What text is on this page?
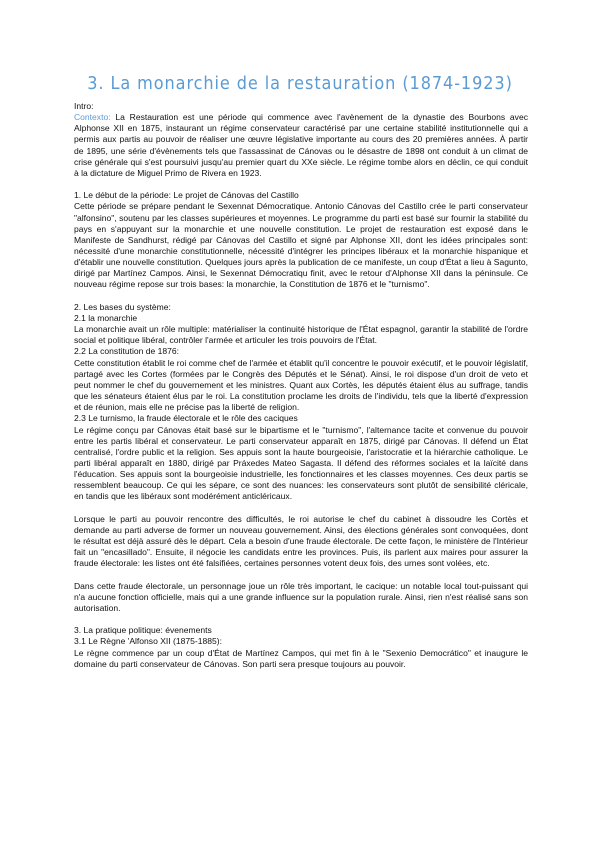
3. La monarchie de la restauration (1874-1923)

Intro:

Contexto: La Restauration est une période qui commence avec l'avènement de la dynastie des Bourbons avec Alphonse XII en 1875, instaurant un régime conservateur caractérisé par une certaine stabilité institutionnelle qui a permis aux partis au pouvoir de réaliser une œuvre législative importante au cours des 20 premières années. À partir de 1895, une série d'évènements tels que l'assassinat de Cánovas ou le désastre de 1898 ont conduit à un climat de crise générale qui s'est poursuivi jusqu'au premier quart du XXe siècle. Le régime tombe alors en déclin, ce qui conduit à la dictature de Miguel Primo de Rivera en 1923.

1. Le début de la période: Le projet de Cánovas del Castillo

Cette période se prépare pendant le Sexennat Démocratique. Antonio Cánovas del Castillo crée le parti conservateur "alfonsino", soutenu par les classes supérieures et moyennes. Le programme du parti est basé sur fournir la stabilité du pays en s'appuyant sur la monarchie et une nouvelle constitution. Le projet de restauration est exposé dans le Manifeste de Sandhurst, rédigé par Cánovas del Castillo et signé par Alphonse XII, dont les idées principales sont: nécessité d'une monarchie constitutionnelle, nécessité d'intégrer les principes libéraux et la monarchie hispanique et d'établir une nouvelle constitution. Quelques jours après la publication de ce manifeste, un coup d'État a lieu à Sagunto, dirigé par Martínez Campos. Ainsi, le Sexennat Démocratiqu finit, avec le retour d'Alphonse XII dans la péninsule. Ce nouveau régime repose sur trois bases: la monarchie, la Constitution de 1876 et le "turnismo".

2. Les bases du système:

2.1 la monarchie

La monarchie avait un rôle multiple: matérialiser la continuité historique de l'État espagnol, garantir la stabilité de l'ordre social et politique libéral, contrôler l'armée et articuler les trois pouvoirs de l'État.

2.2 La constitution de 1876:

Cette constitution établit le roi comme chef de l'armée et établit qu'il concentre le pouvoir exécutif, et le pouvoir législatif, partagé avec les Cortes (formées par le Congrès des Députés et le Sénat). Ainsi, le roi dispose d'un droit de veto et peut nommer le chef du gouvernement et les ministres. Quant aux Cortès, les députés étaient élus au suffrage, tandis que les sénateurs étaient élus par le roi. La constitution proclame les droits de l'individu, tels que la liberté d'expression et de réunion, mais elle ne précise pas la liberté de religion.

2.3 Le turnismo, la fraude électorale et le rôle des caciques

Le régime conçu par Cánovas était basé sur le bipartisme et le "turnismo", l'alternance tacite et convenue du pouvoir entre les partis libéral et conservateur. Le parti conservateur apparaît en 1875, dirigé par Cánovas. Il défend un État centralisé, l'ordre public et la religion. Ses appuis sont la haute bourgeoisie, l'aristocratie et la hiérarchie catholique. Le parti libéral apparaît en 1880, dirigé par Práxedes Mateo Sagasta. Il défend des réformes sociales et la laïcité dans l'éducation. Ses appuis sont la bourgeoisie industrielle, les fonctionnaires et les classes moyennes. Ces deux partis se ressemblent beaucoup. Ce qui les sépare, ce sont des nuances: les conservateurs sont plutôt de sensibilité cléricale, en tandis que les libéraux sont modérément anticléricaux.

Lorsque le parti au pouvoir rencontre des difficultés, le roi autorise le chef du cabinet à dissoudre les Cortès et demande au parti adverse de former un nouveau gouvernement. Ainsi, des élections générales sont convoquées, dont le résultat est déjà assuré dès le départ. Cela a besoin d'une fraude électorale. De cette façon, le ministère de l'Intérieur fait un "encasillado". Ensuite, il négocie les candidats entre les provinces. Puis, ils parlent aux maires pour assurer la fraude électorale: les listes ont été falsifiées, certaines personnes votent deux fois, des urnes sont volées, etc.

Dans cette fraude électorale, un personnage joue un rôle très important, le cacique: un notable local tout-puissant qui n'a aucune fonction officielle, mais qui a une grande influence sur la population rurale. Ainsi, rien n'est réalisé sans son autorisation.

3. La pratique politique: évenements

3.1 Le Règne 'Alfonso XII (1875-1885):

Le règne commence par un coup d'État de Martínez Campos, qui met fin à le "Sexenio Democrático" et inaugure le domaine du parti conservateur de Cánovas. Son parti sera presque toujours au pouvoir.
